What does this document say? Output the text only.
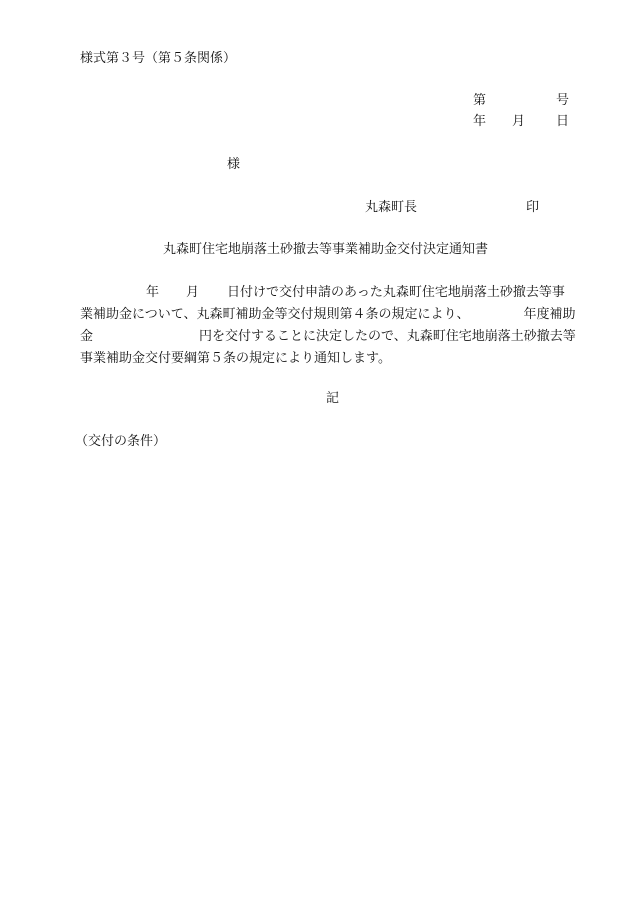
様式第３号（第５条関係）
第	号
年 月 日
様
丸森町長	印
丸森町住宅地崩落土砂撤去等事業補助金交付決定通知書
年 月 日付けで交付申請のあった丸森町住宅地崩落土砂撤去等事
業補助金について、丸森町補助金等交付規則第４条の規定により、	年度補助
金	円を交付することに決定したので、丸森町住宅地崩落土砂撤去等
事業補助金交付要綱第５条の規定により通知します。
記
（交付の条件）
